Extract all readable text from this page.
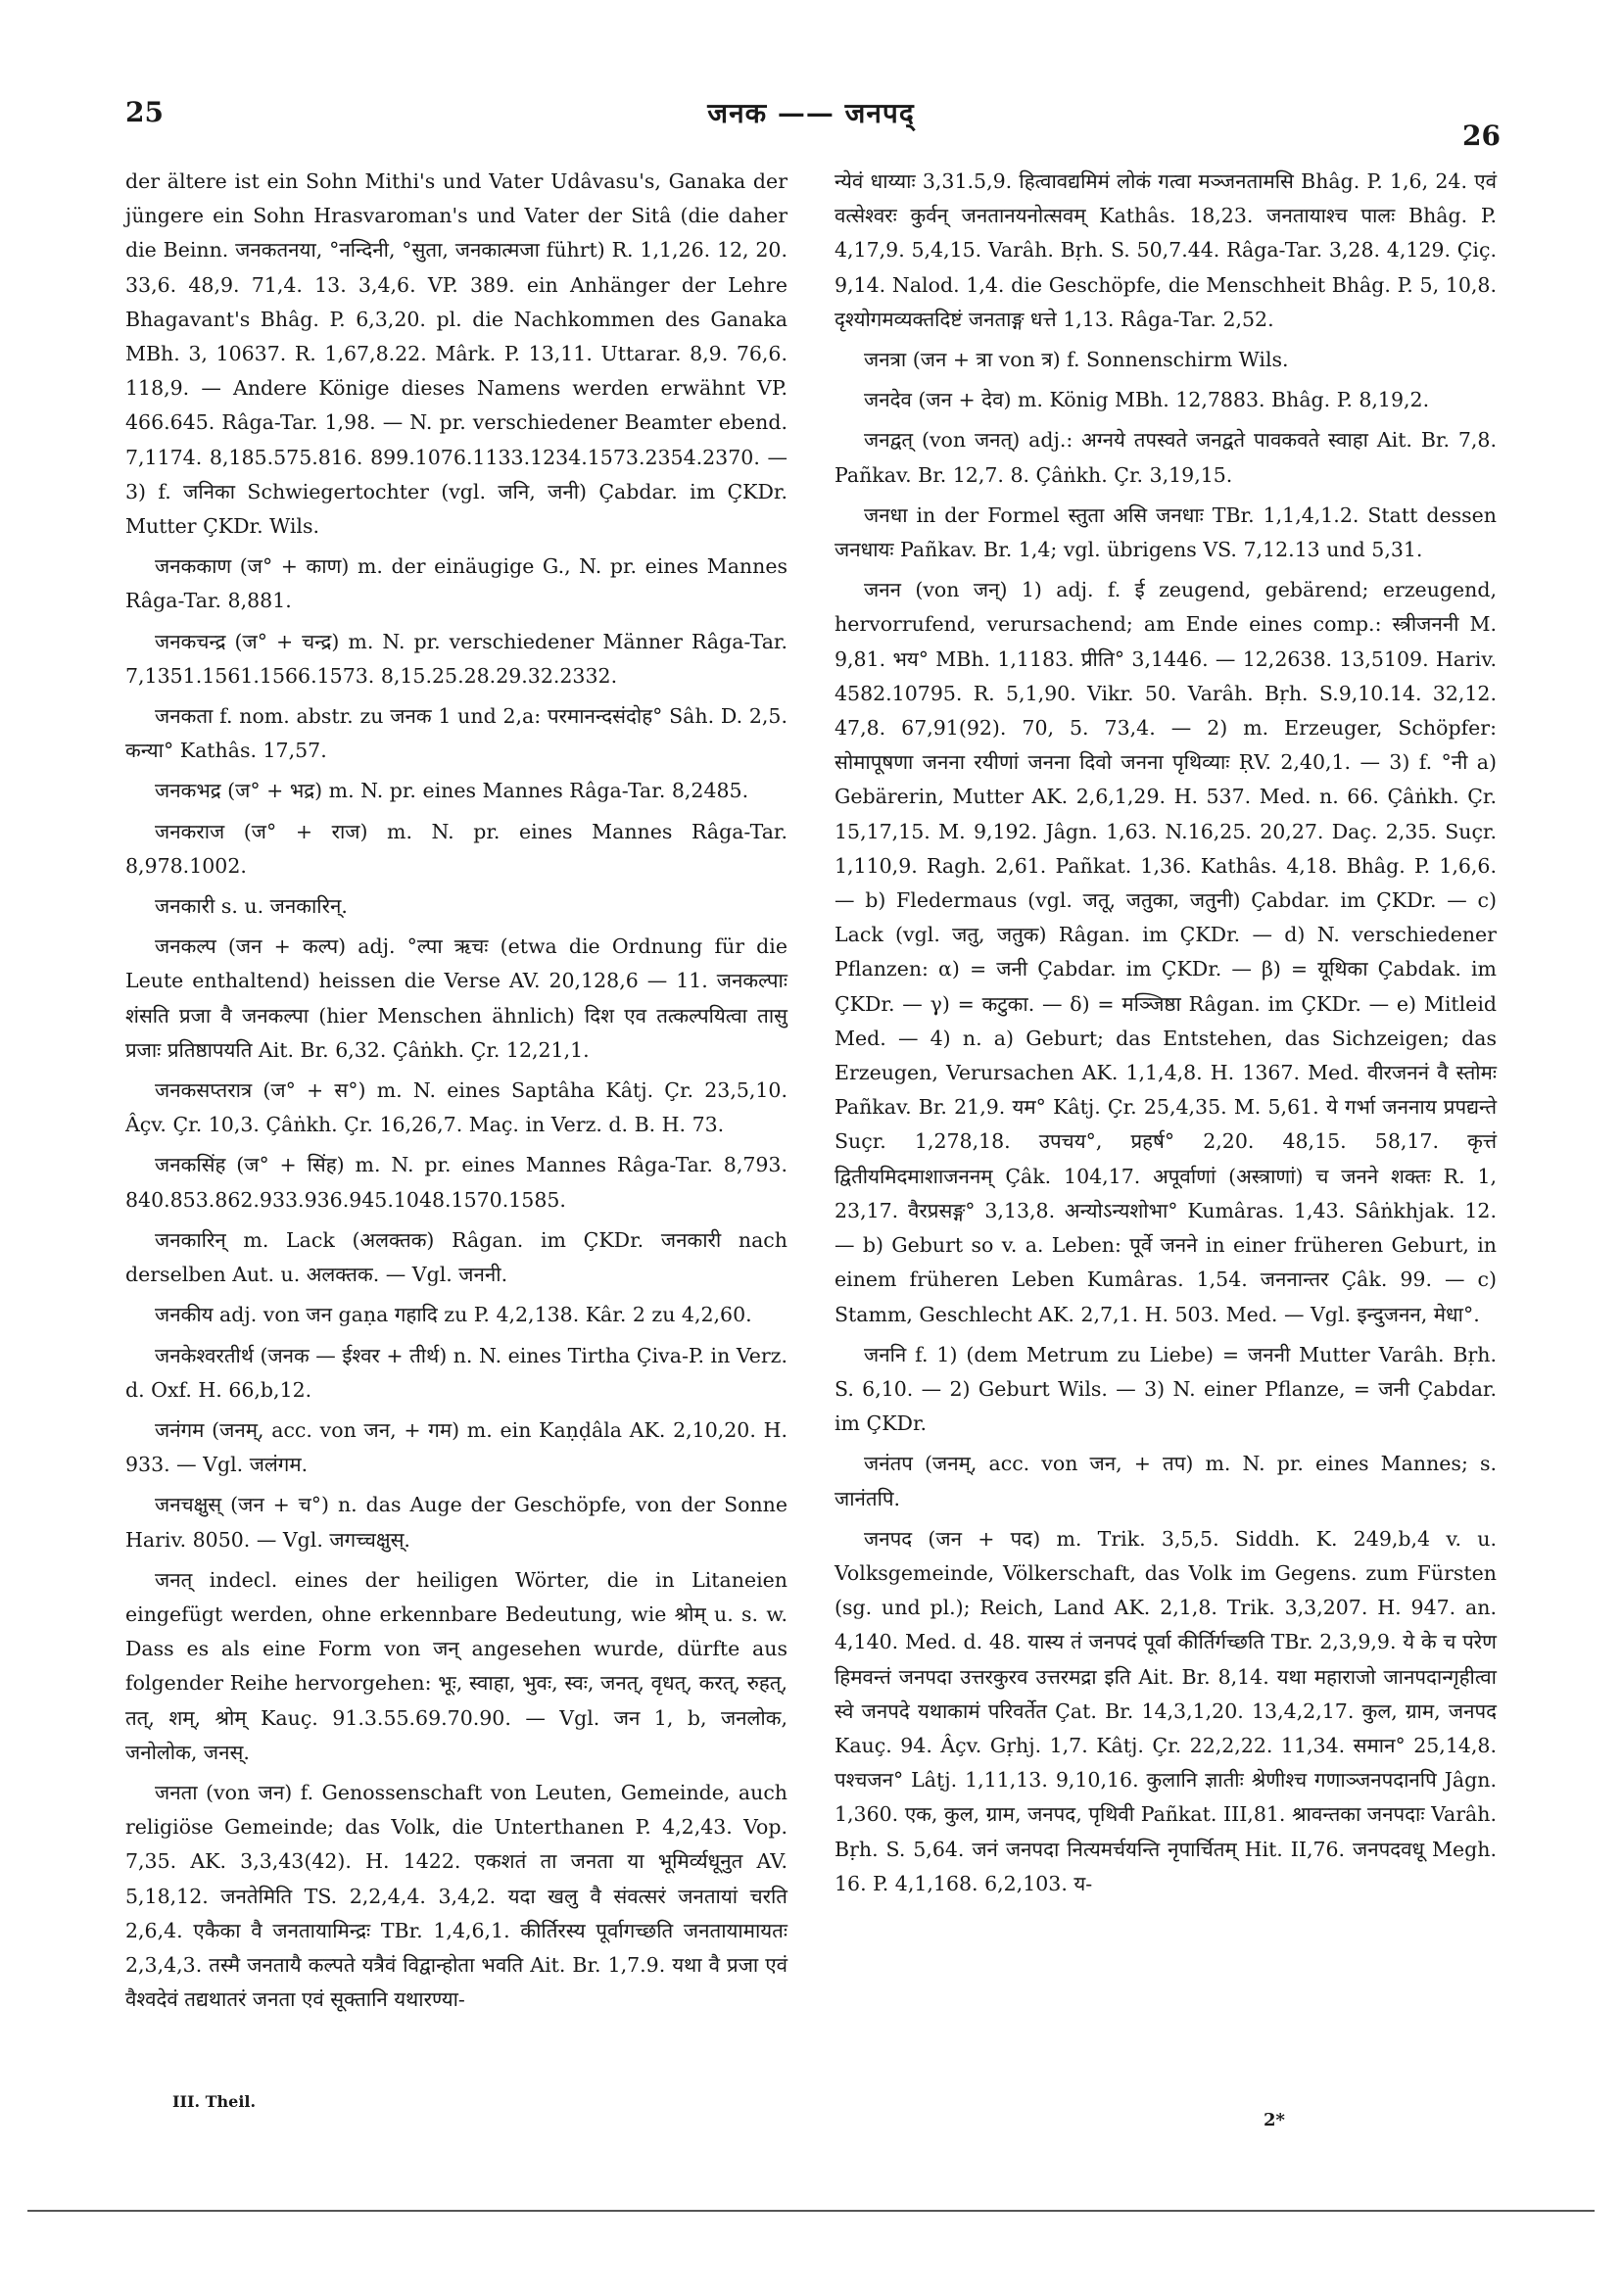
25	जनक —— जनपद्
26

der ältere ist ein Sohn Mithi's und Vater Udâvasu's, Ganaka der jüngere ein Sohn Hrasvaroman's und Vater der Sitâ (die daher die Beinn. जनकतनया, °नन्दिनी, °सुता, जनकात्मजा führt) R. 1,1,26. 12, 20. 33,6. 48,9. 71,4. 13. 3,4,6. VP. 389. ein Anhänger der Lehre Bhagavant's Bhâg. P. 6,3,20. pl. die Nachkommen des Ganaka MBh. 3, 10637. R. 1,67,8.22. Mârk. P. 13,11. Uttarar. 8,9. 76,6. 118,9. — Andere Könige dieses Namens werden erwähnt VP. 466.645. Râga-Tar. 1,98. — N. pr. verschiedener Beamter ebend. 7,1174. 8,185.575.816. 899.1076.1133.1234.1573.2354.2370. — 3) f. जनिका Schwiegertochter (vgl. जनि, जनी) Çabdar. im ÇKDr. Mutter ÇKDr. Wils.

जनककाण (ज° + काण) m. der einäugige G., N. pr. eines Mannes Râga-Tar. 8,881.

जनकचन्द्र (ज° + चन्द्र) m. N. pr. verschiedener Männer Râga-Tar. 7,1351.1561.1566.1573. 8,15.25.28.29.32.2332.

जनकता f. nom. abstr. zu जनक 1 und 2,a: परमानन्दसंदोह° Sâh. D. 2,5. कन्या° Kathâs. 17,57.

जनकभद्र (ज° + भद्र) m. N. pr. eines Mannes Râga-Tar. 8,2485.

जनकराज (ज° + राज) m. N. pr. eines Mannes Râga-Tar. 8,978.1002.

जनकारी s. u. जनकारिन्.

जनकल्प (जन + कल्प) adj. °ल्पा ऋचः (etwa die Ordnung für die Leute enthaltend) heissen die Verse AV. 20,128,6 — 11. जनकल्पाः शंसति प्रजा वै जनकल्पा (hier Menschen ähnlich) दिश एव तत्कल्पयित्वा तासु प्रजाः प्रतिष्ठापयति Ait. Br. 6,32. Çâṅkh. Çr. 12,21,1.

जनकसप्तरात्र (ज° + स°) m. N. eines Saptâha Kâtj. Çr. 23,5,10. Âçv. Çr. 10,3. Çâṅkh. Çr. 16,26,7. Maç. in Verz. d. B. H. 73.

जनकसिंह (ज° + सिंह) m. N. pr. eines Mannes Râga-Tar. 8,793. 840.853.862.933.936.945.1048.1570.1585.

जनकारिन् m. Lack (अलक्तक) Râgan. im ÇKDr. जनकारी nach derselben Aut. u. अलक्तक. — Vgl. जननी.

जनकीय adj. von जन gaṇa गहादि zu P. 4,2,138. Kâr. 2 zu 4,2,60.

जनकेश्वरतीर्थ (जनक — ईश्वर + तीर्थ) n. N. eines Tirtha Çiva-P. in Verz. d. Oxf. H. 66,b,12.

जनंगम (जनम्, acc. von जन, + गम) m. ein Kaṇḍâla AK. 2,10,20. H. 933. — Vgl. जलंगम.

जनचक्षुस् (जन + च°) n. das Auge der Geschöpfe, von der Sonne Hariv. 8050. — Vgl. जगच्चक्षुस्.

जनत् indecl. eines der heiligen Wörter, die in Litaneien eingefügt werden, ohne erkennbare Bedeutung, wie श्रोम् u. s. w. Dass es als eine Form von जन् angesehen wurde, dürfte aus folgender Reihe hervorgehen: भूः, स्वाहा, भुवः, स्वः, जनत्, वृधत्, करत्, रुहत्, तत्, शम्, श्रोम् Kauç. 91.3.55.69.70.90. — Vgl. जन 1, b, जनलोक, जनोलोक, जनस्.

जनता (von जन) f. Genossenschaft von Leuten, Gemeinde, auch religiöse Gemeinde; das Volk, die Unterthanen P. 4,2,43. Vop. 7,35. AK. 3,3,43(42). H. 1422. एकशतं ता जनता या भूमिर्व्यधूनुत AV. 5,18,12. जनतेमिति TS. 2,2,4,4. 3,4,2. यदा खलु वै संवत्सरं जनतायां चरति 2,6,4. एकैका वै जनतायामिन्द्रः TBr. 1,4,6,1. कीर्तिरस्य पूर्वागच्छति जनतायामायतः 2,3,4,3. तस्मै जनतायै कल्पते यत्रैवं विद्वान्होता भवति Ait. Br. 1,7.9. यथा वै प्रजा एवं वैश्वदेवं तद्यथातरं जनता एवं सूक्तानि यथारण्या-

न्येवं धाय्याः 3,31.5,9. हित्वावद्यमिमं लोकं गत्वा मञ्जनतामसि Bhâg. P. 1,6, 24. एवं वत्सेश्वरः कुर्वन् जनतानयनोत्सवम् Kathâs. 18,23. जनतायाश्च पालः Bhâg. P. 4,17,9. 5,4,15. Varâh. Bṛh. S. 50,7.44. Râga-Tar. 3,28. 4,129. Çiç. 9,14. Nalod. 1,4. die Geschöpfe, die Menschheit Bhâg. P. 5, 10,8. दृश्योगमव्यक्तदिष्टं जनताङ्ग धत्ते 1,13. Râga-Tar. 2,52.

जनत्रा (जन + त्रा von त्र) f. Sonnenschirm Wils.

जनदेव (जन + देव) m. König MBh. 12,7883. Bhâg. P. 8,19,2.

जनद्वत् (von जनत्) adj.: अग्नये तपस्वते जनद्वते पावकवते स्वाहा Ait. Br. 7,8. Pañkav. Br. 12,7. 8. Çâṅkh. Çr. 3,19,15.

जनधा in der Formel स्तुता असि जनधाः TBr. 1,1,4,1.2. Statt dessen जनधायः Pañkav. Br. 1,4; vgl. übrigens VS. 7,12.13 und 5,31.

जनन (von जन्) 1) adj. f. ई zeugend, gebärend; erzeugend, hervorrufend, verursachend; am Ende eines comp.: स्त्रीजननी M. 9,81. भय° MBh. 1,1183. प्रीति° 3,1446. — 12,2638. 13,5109. Hariv. 4582.10795. R. 5,1,90. Vikr. 50. Varâh. Bṛh. S.9,10.14. 32,12. 47,8. 67,91(92). 70, 5. 73,4. — 2) m. Erzeuger, Schöpfer: सोमापूषणा जनना रयीणां जनना दिवो जनना पृथिव्याः ṚV. 2,40,1. — 3) f. °नी a) Gebärerin, Mutter AK. 2,6,1,29. H. 537. Med. n. 66. Çâṅkh. Çr. 15,17,15. M. 9,192. Jâgn. 1,63. N.16,25. 20,27. Daç. 2,35. Suçr. 1,110,9. Ragh. 2,61. Pañkat. 1,36. Kathâs. 4,18. Bhâg. P. 1,6,6. — b) Fledermaus (vgl. जतू, जतुका, जतुनी) Çabdar. im ÇKDr. — c) Lack (vgl. जतु, जतुक) Râgan. im ÇKDr. — d) N. verschiedener Pflanzen: α) = जनी Çabdar. im ÇKDr. — β) = यूथिका Çabdak. im ÇKDr. — γ) = कटुका. — δ) = मञ्जिष्ठा Râgan. im ÇKDr. — e) Mitleid Med. — 4) n. a) Geburt; das Entstehen, das Sichzeigen; das Erzeugen, Verursachen AK. 1,1,4,8. H. 1367. Med. वीरजननं वै स्तोमः Pañkav. Br. 21,9. यम° Kâtj. Çr. 25,4,35. M. 5,61. ये गर्भा जननाय प्रपद्यन्ते Suçr. 1,278,18. उपचय°, प्रहर्ष° 2,20. 48,15. 58,17. कृत्तं द्वितीयमिदमाशाजननम् Çâk. 104,17. अपूर्वाणां (अस्त्राणां) च जनने शक्तः R. 1, 23,17. वैरप्रसङ्ग° 3,13,8. अन्योऽन्यशोभा° Kumâras. 1,43. Sâṅkhjak. 12. — b) Geburt so v. a. Leben: पूर्वे जनने in einer früheren Geburt, in einem früheren Leben Kumâras. 1,54. जननान्तर Çâk. 99. — c) Stamm, Geschlecht AK. 2,7,1. H. 503. Med. — Vgl. इन्दुजनन, मेधा°.

जननि f. 1) (dem Metrum zu Liebe) = जननी Mutter Varâh. Bṛh. S. 6,10. — 2) Geburt Wils. — 3) N. einer Pflanze, = जनी Çabdar. im ÇKDr.

जनंतप (जनम्, acc. von जन, + तप) m. N. pr. eines Mannes; s. जानंतपि.

जनपद (जन + पद) m. Trik. 3,5,5. Siddh. K. 249,b,4 v. u. Volksgemeinde, Völkerschaft, das Volk im Gegens. zum Fürsten (sg. und pl.); Reich, Land AK. 2,1,8. Trik. 3,3,207. H. 947. an. 4,140. Med. d. 48. यास्य तं जनपदं पूर्वा कीर्तिर्गच्छति TBr. 2,3,9,9. ये के च परेण हिमवन्तं जनपदा उत्तरकुरव उत्तरमद्रा इति Ait. Br. 8,14. यथा महाराजो जानपदान्गृहीत्वा स्वे जनपदे यथाकामं परिवर्तेत Çat. Br. 14,3,1,20. 13,4,2,17. कुल, ग्राम, जनपद Kauç. 94. Âçv. Gṛhj. 1,7. Kâtj. Çr. 22,2,22. 11,34. समान° 25,14,8. पश्चजन° Lâṭj. 1,11,13. 9,10,16. कुलानि ज्ञातीः श्रेणीश्च गणाञ्जनपदानपि Jâgn. 1,360. एक, कुल, ग्राम, जनपद, पृथिवी Pañkat. III,81. श्रावन्तका जनपदाः Varâh. Bṛh. S. 5,64. जनं जनपदा नित्यमर्चयन्ति नृपार्चितम् Hit. II,76. जनपदवधू Megh. 16. P. 4,1,168. 6,2,103. य-

III. Theil.
2*
